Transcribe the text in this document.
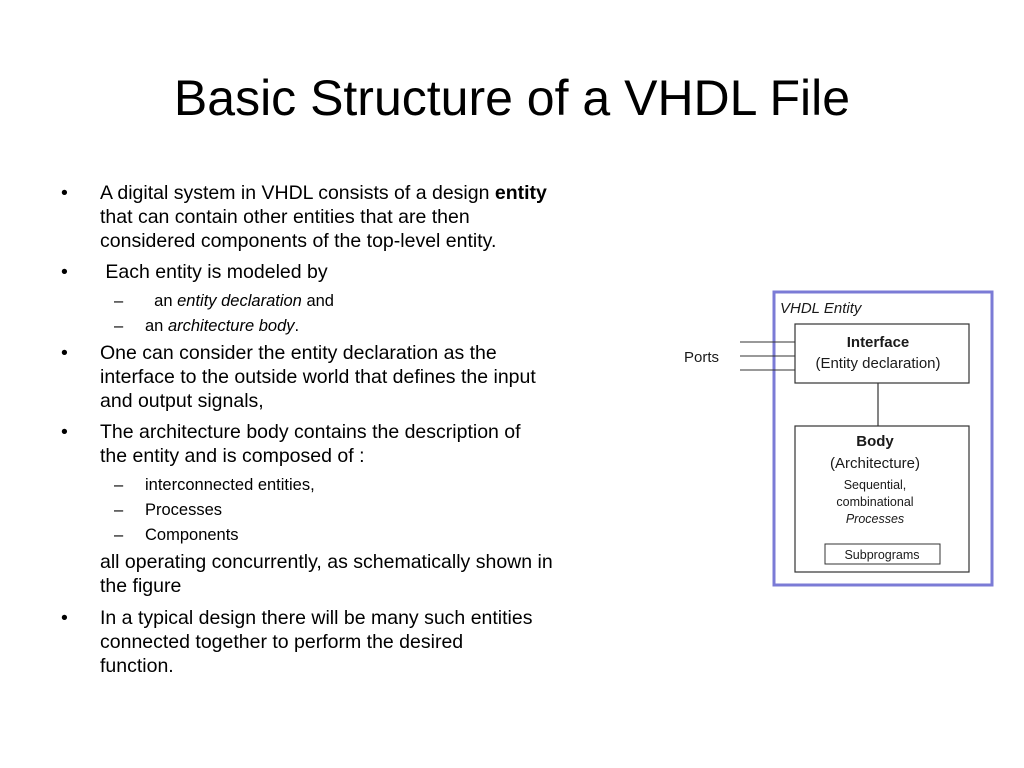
Basic Structure of a VHDL File
•	A digital system in VHDL consists of a design entity
that can contain other entities that are then
considered components of the top-level entity.
•	Each entity is modeled by
–	an entity declaration and
–	an architecture body.
•	One can consider the entity declaration as the
interface to the outside world that defines the input
and output signals,
•	The architecture body contains the description of
the entity and is composed of :
–	interconnected entities,
–	Processes
–	Components
all operating concurrently, as schematically shown in
the figure
•	In a typical design there will be many such entities
connected together to perform the desired
function.
VHDL Entity
Ports
Interface
(Entity declaration)
Body
(Architecture)
Sequential,
combinational
Processes
Subprograms
